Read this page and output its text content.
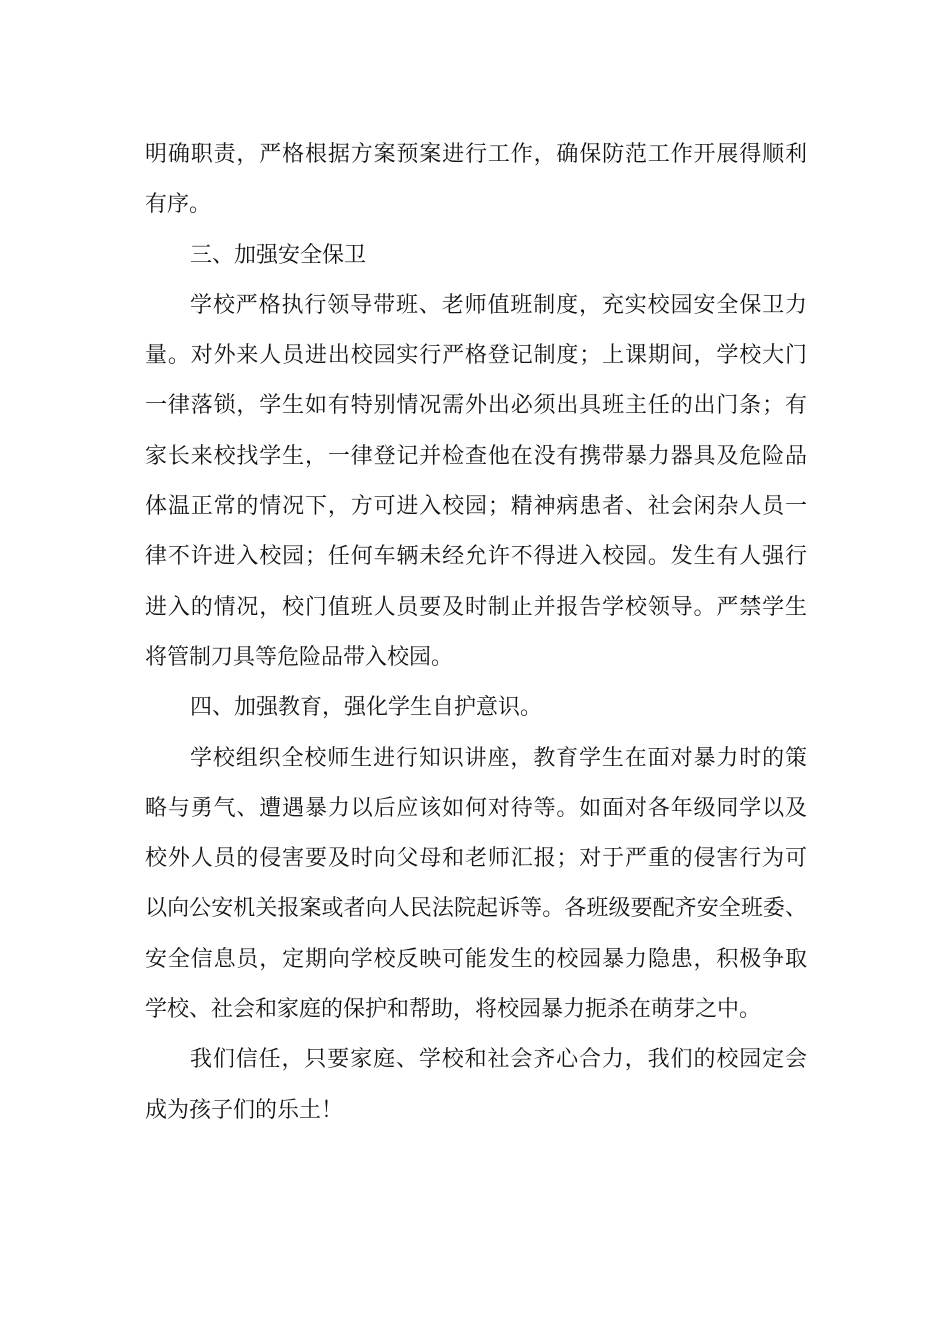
明确职责，严格根据方案预案进行工作，确保防范工作开展得顺利
有序。
三、加强安全保卫
学校严格执行领导带班、老师值班制度，充实校园安全保卫力
量。对外来人员进出校园实行严格登记制度；上课期间，学校大门
一律落锁，学生如有特别情况需外出必须出具班主任的出门条；有
家长来校找学生，一律登记并检查他在没有携带暴力器具及危险品
体温正常的情况下，方可进入校园；精神病患者、社会闲杂人员一
律不许进入校园；任何车辆未经允许不得进入校园。发生有人强行
进入的情况，校门值班人员要及时制止并报告学校领导。严禁学生
将管制刀具等危险品带入校园。
四、加强教育，强化学生自护意识。
学校组织全校师生进行知识讲座，教育学生在面对暴力时的策
略与勇气、遭遇暴力以后应该如何对待等。如面对各年级同学以及
校外人员的侵害要及时向父母和老师汇报；对于严重的侵害行为可
以向公安机关报案或者向人民法院起诉等。各班级要配齐安全班委、
安全信息员，定期向学校反映可能发生的校园暴力隐患，积极争取
学校、社会和家庭的保护和帮助，将校园暴力扼杀在萌芽之中。
我们信任，只要家庭、学校和社会齐心合力，我们的校园定会
成为孩子们的乐土！
